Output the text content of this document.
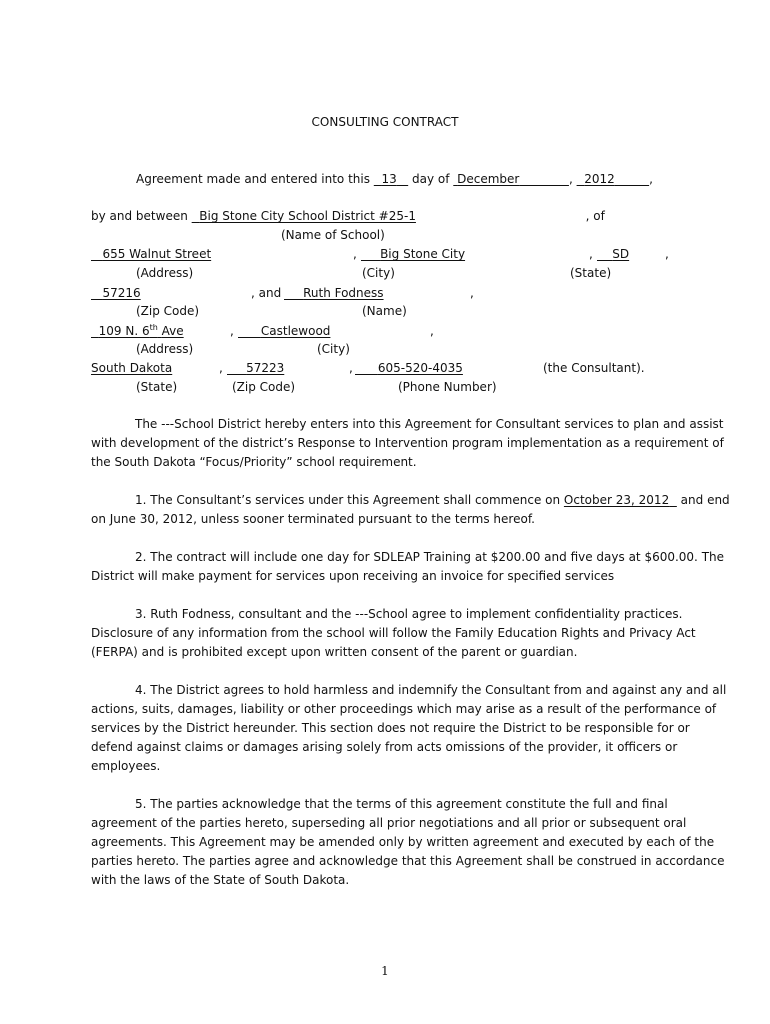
CONSULTING CONTRACT
Agreement made and entered into this 13 day of December	,   2012	,
by and between Big Stone City School District #25-1	, of
(Name of School)
655 Walnut Street	,	Big Stone City	,	SD	,
(Address)	(City)	(State)
57216	, and	Ruth Fodness	,
(Zip Code)	(Name)
109 N. 6th Ave	,	Castlewood	,
(Address)	(City)
South Dakota	,	57223	,	605-520-4035	(the Consultant).
(State)	(Zip Code)	(Phone Number)
The ---School District hereby enters into this Agreement for Consultant services to plan and assist with development of the district’s Response to Intervention program implementation as a requirement of the South Dakota “Focus/Priority” school requirement.
1. The Consultant’s services under this Agreement shall commence on October 23, 2012 and end on June 30, 2012, unless sooner terminated pursuant to the terms hereof.
2. The contract will include one day for SDLEAP Training at $200.00 and five days at $600.00. The District will make payment for services upon receiving an invoice for specified services
3. Ruth Fodness, consultant and the ---School agree to implement confidentiality practices. Disclosure of any information from the school will follow the Family Education Rights and Privacy Act (FERPA) and is prohibited except upon written consent of the parent or guardian.
4. The District agrees to hold harmless and indemnify the Consultant from and against any and all actions, suits, damages, liability or other proceedings which may arise as a result of the performance of services by the District hereunder. This section does not require the District to be responsible for or defend against claims or damages arising solely from acts omissions of the provider, it officers or employees.
5. The parties acknowledge that the terms of this agreement constitute the full and final agreement of the parties hereto, superseding all prior negotiations and all prior or subsequent oral agreements. This Agreement may be amended only by written agreement and executed by each of the parties hereto. The parties agree and acknowledge that this Agreement shall be construed in accordance with the laws of the State of South Dakota.
1
